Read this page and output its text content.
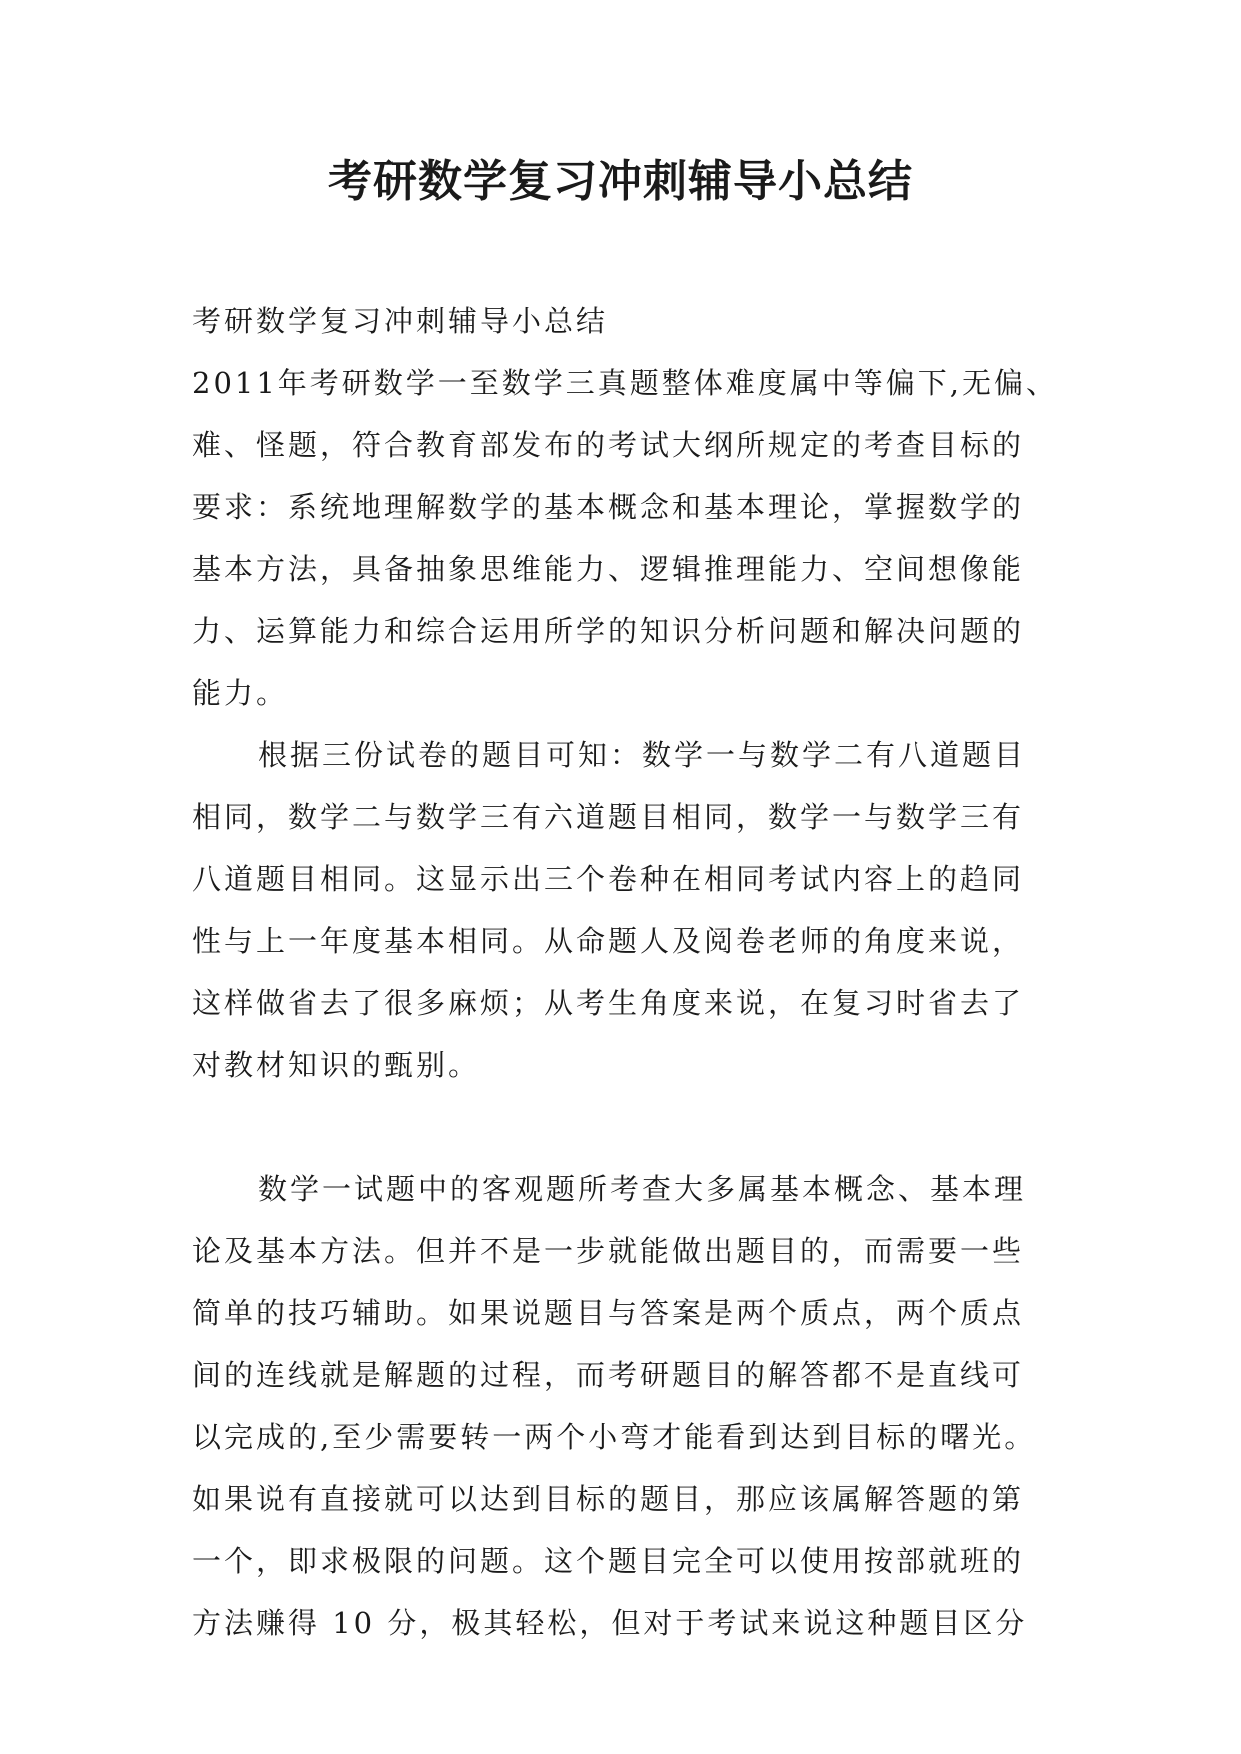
考研数学复习冲刺辅导小总结
考研数学复习冲刺辅导小总结
2011年考研数学一至数学三真题整体难度属中等偏下,无偏、
难、怪题，符合教育部发布的考试大纲所规定的考查目标的
要求：系统地理解数学的基本概念和基本理论，掌握数学的
基本方法，具备抽象思维能力、逻辑推理能力、空间想像能
力、运算能力和综合运用所学的知识分析问题和解决问题的
能力。
根据三份试卷的题目可知：数学一与数学二有八道题目
相同，数学二与数学三有六道题目相同，数学一与数学三有
八道题目相同。这显示出三个卷种在相同考试内容上的趋同
性与上一年度基本相同。从命题人及阅卷老师的角度来说，
这样做省去了很多麻烦；从考生角度来说，在复习时省去了
对教材知识的甄别。
数学一试题中的客观题所考查大多属基本概念、基本理
论及基本方法。但并不是一步就能做出题目的，而需要一些
简单的技巧辅助。如果说题目与答案是两个质点，两个质点
间的连线就是解题的过程，而考研题目的解答都不是直线可
以完成的,至少需要转一两个小弯才能看到达到目标的曙光。
如果说有直接就可以达到目标的题目，那应该属解答题的第
一个，即求极限的问题。这个题目完全可以使用按部就班的
方法赚得 10 分，极其轻松，但对于考试来说这种题目区分
